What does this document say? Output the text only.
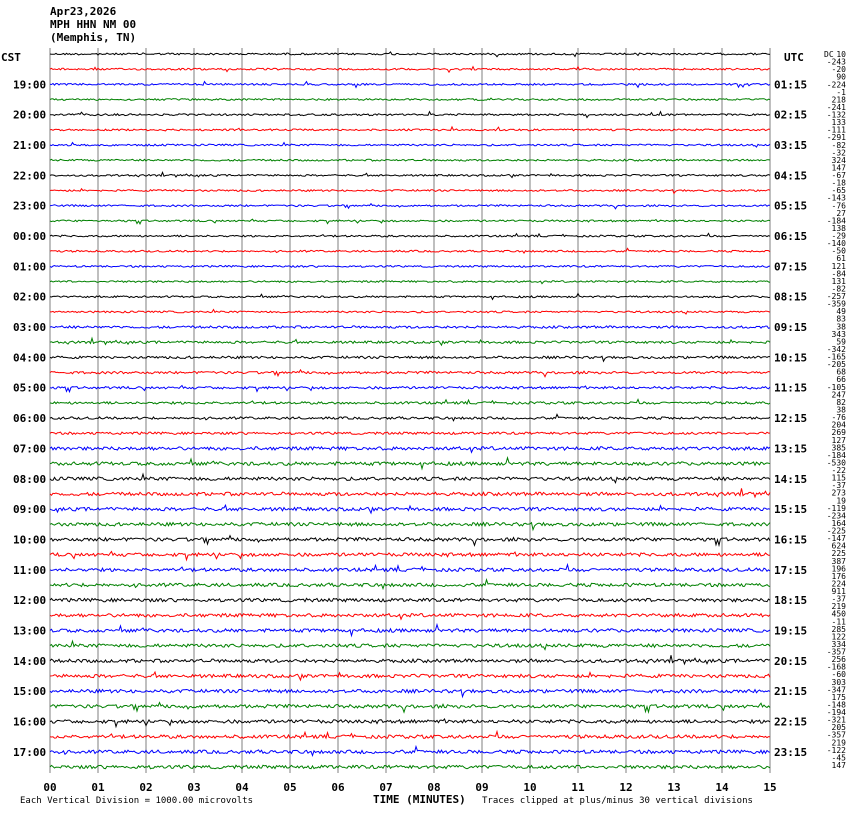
Apr23,2026
MPH HHN NM 00
(Memphis, TN)
CST	UTC	DC
19:00
20:00
21:00
22:00
23:00
00:00
01:00
02:00
03:00
04:00
05:00
06:00
07:00
08:00
09:00
10:00
11:00
12:00
13:00
14:00
15:00
16:00
17:00
01:15
02:15
03:15
04:15
05:15
06:15
07:15
08:15
09:15
10:15
11:15
12:15
13:15
14:15
15:15
16:15
17:15
18:15
19:15
20:15
21:15
22:15
23:15
10
-243
-20
90
-224
-1
218
-241
-132
133
-111
-291
-82
-32
324
147
-67
-18
-65
-143
-76
27
-184
138
-29
-140
-50
61
121
-84
131
-82
-257
-359
49
83
38
343
59
-342
-165
-205
68
66
-105
247
82
38
-76
204
269
127
385
-184
-530
-22
115
-37
273
19
-119
-234
164
-225
-147
624
225
387
196
176
224
911
-37
219
450
-11
285
122
334
-357
256
-168
-60
303
-347
175
-148
-194
-321
205
-357
219
-122
-45
147
00	01	02	03	04	05	06	07	08	09	10	11	12	13	14	15
TIME (MINUTES)
Each Vertical Division = 1000.00 microvolts	Traces clipped at plus/minus 30 vertical divisions
